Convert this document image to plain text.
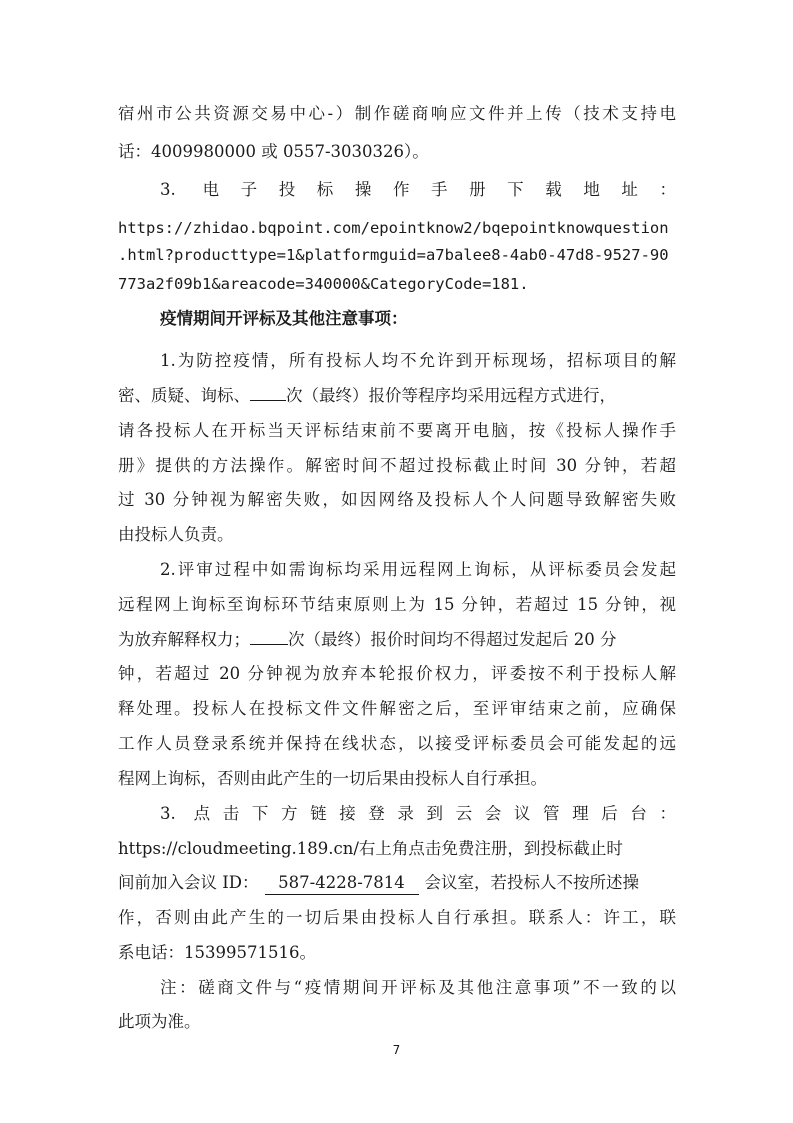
宿州市公共资源交易中心-）制作磋商响应文件并上传（技术支持电
话：4009980000 或 0557-3030326）。
3. 电子投标操作手册下载地址：
https://zhidao.bqpoint.com/epointknow2/bqepointknowquestion
.html?producttype=1&platformguid=a7balee8-4ab0-47d8-9527-90
773a2f09b1&areacode=340000&CategoryCode=181.
疫情期间开评标及其他注意事项：
1.为防控疫情，所有投标人均不允许到开标现场，招标项目的解
密、质疑、询标、 次（最终）报价等程序均采用远程方式进行，
请各投标人在开标当天评标结束前不要离开电脑，按《投标人操作手
册》提供的方法操作。解密时间不超过投标截止时间 30 分钟，若超
过 30 分钟视为解密失败，如因网络及投标人个人问题导致解密失败
由投标人负责。
2.评审过程中如需询标均采用远程网上询标，从评标委员会发起
远程网上询标至询标环节结束原则上为 15 分钟，若超过 15 分钟，视
为放弃解释权力； 次（最终）报价时间均不得超过发起后 20 分
钟，若超过 20 分钟视为放弃本轮报价权力，评委按不利于投标人解
释处理。投标人在投标文件文件解密之后，至评审结束之前，应确保
工作人员登录系统并保持在线状态，以接受评标委员会可能发起的远
程网上询标，否则由此产生的一切后果由投标人自行承担。
3. 点击下方链接登录到云会议管理后台：
https://cloudmeeting.189.cn/右上角点击免费注册，到投标截止时
间前加入会议 ID： 587-4228-7814 会议室，若投标人不按所述操
作，否则由此产生的一切后果由投标人自行承担。联系人：许工，联
系电话：15399571516。
注：磋商文件与“疫情期间开评标及其他注意事项”不一致的以
此项为准。
7
